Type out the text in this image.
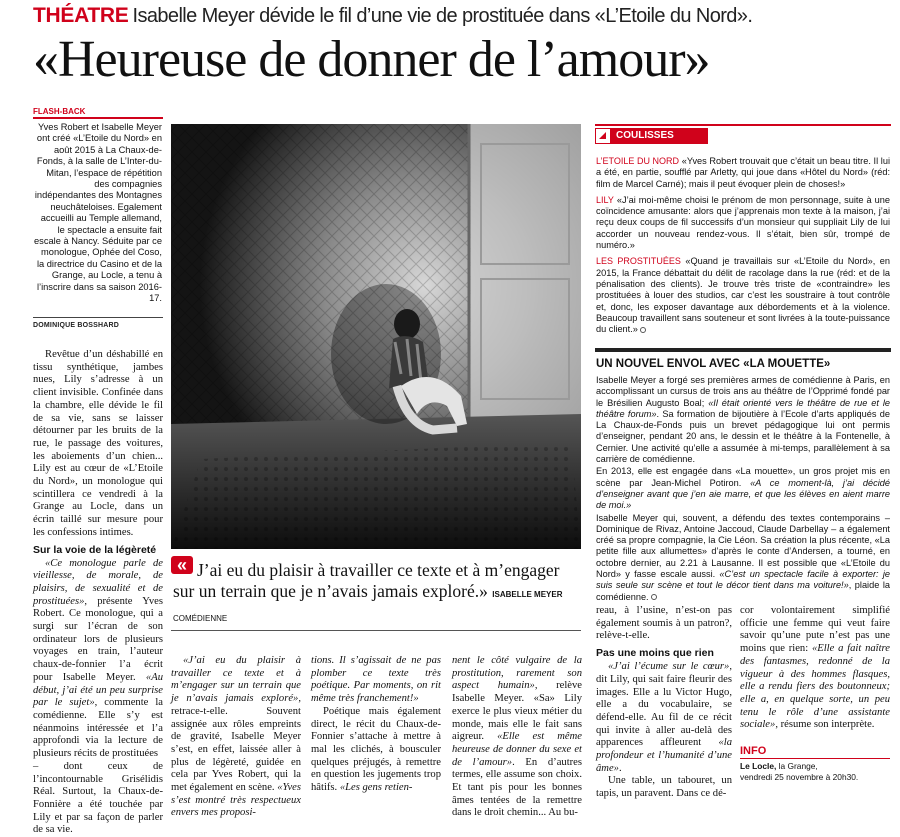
THÉATRE Isabelle Meyer dévide le fil d’une vie de prostituée dans «L’Etoile du Nord».
«Heureuse de donner de l’amour»
FLASH-BACK
Yves Robert et Isabelle Meyer ont créé «L’Etoile du Nord» en août 2015 à La Chaux-de-Fonds, à la salle de L’Inter-du-Mitan, l’espace de répétition des compagnies indépendantes des Montagnes neuchâteloises. Egalement accueilli au Temple allemand, le spectacle a ensuite fait escale à Nancy. Séduite par ce monologue, Ophée del Coso, la directrice du Casino et de la Grange, au Locle, a tenu à l’inscrire dans sa saison 2016-17.
DOMINIQUE BOSSHARD

Revêtue d’un déshabillé en tissu synthétique, jambes nues, Lily s’adresse à un client invisible. Confinée dans la chambre, elle dévide le fil de sa vie, sans se laisser détourner par les bruits de la rue, le passage des voitures, les aboiements d’un chien... Lily est au cœur de «L’Etoile du Nord», un monologue qui scintillera ce vendredi à la Grange au Locle, dans un écrin taillé sur mesure pour les confessions intimes.

Sur la voie de la légèreté

«Ce monologue parle de vieillesse, de morale, de plaisirs, de sexualité et de prostituées», présente Yves Robert. Ce monologue, qui a surgi sur l’écran de son ordinateur lors de plusieurs voyages en train, l’auteur chaux-de-fonnier l’a écrit pour Isabelle Meyer. «Au début, j’ai été un peu surprise par le sujet», commente la comédienne. Elle s’y est néanmoins intéressée et l’a approfondi via la lecture de plusieurs récits de prostituées

– dont ceux de l’incontournable Grisélidis Réal. Surtout, la Chaux-de-Fonnière a été touchée par Lily et par sa façon de parler de sa vie.

« J’ai eu du plaisir à travailler ce texte et à m’engager sur un terrain que je n’avais jamais exploré.» ISABELLE MEYER COMÉDIENNE

«J’ai eu du plaisir à travailler ce texte et à m’engager sur un terrain que je n’avais jamais exploré», retrace-t-elle. Souvent assignée aux rôles empreints de gravité, Isabelle Meyer s’est, en effet, laissée aller à plus de légèreté, guidée en cela par Yves Robert, qui la met également en scène. «Yves s’est montré très respectueux envers mes proposi-

tions. Il s’agissait de ne pas plomber ce texte très poétique. Par moments, on rit même très franchement!»

Poétique mais également direct, le récit du Chaux-de-Fonnier s’attache à mettre à mal les clichés, à bousculer quelques préjugés, à remettre en question les jugements trop hâtifs. «Les gens retien-

nent le côté vulgaire de la prostitution, rarement son aspect humain», relève Isabelle Meyer. «Sa» Lily exerce le plus vieux métier du monde, mais elle le fait sans aigreur. «Elle est même heureuse de donner du sexe et de l’amour». En d’autres termes, elle assume son choix. Et tant pis pour les bonnes âmes tentées de la remettre dans le droit chemin... Au bu-

reau, à l’usine, n’est-on pas également soumis à un patron?, relève-t-elle.

Pas une moins que rien

«J’ai l’écume sur le cœur», dit Lily, qui sait faire fleurir des images. Elle a lu Victor Hugo, elle a du vocabulaire, se défend-elle. Au fil de ce récit qui invite à aller au-delà des apparences affleurent «la profondeur et l’humanité d’une âme».

Une table, un tabouret, un tapis, un paravent. Dans ce dé-

cor volontairement simplifié officie une femme qui veut faire savoir qu’une pute n’est pas une moins que rien: «Elle a fait naître des fantasmes, redonné de la vigueur à des hommes flasques, elle a rendu fiers des boutonneux; elle a, en quelque sorte, un peu tenu le rôle d’une assistante sociale», résume son interprète.

COULISSES

L’ETOILE DU NORD «Yves Robert trouvait que c’était un beau titre. Il lui a été, en partie, soufflé par Arletty, qui joue dans «Hôtel du Nord» (réd: film de Marcel Carné); mais il peut évoquer plein de choses!»

LILY «J’ai moi-même choisi le prénom de mon personnage, suite à une coïncidence amusante: alors que j’apprenais mon texte à la maison, j’ai reçu deux coups de fil successifs d’un monsieur qui suppliait Lily de lui accorder un nouveau rendez-vous. Il s’était, bien sûr, trompé de numéro.»

LES PROSTITUÉES «Quand je travaillais sur «L’Etoile du Nord», en 2015, la France débattait du délit de racolage dans la rue (réd: et de la pénalisation des clients). Je trouve très triste de «contraindre» les prostituées à louer des studios, car c’est les soustraire à tout contrôle et, donc, les exposer davantage aux débordements et à la violence. Beaucoup travaillent sans souteneur et sont livrées à la toute-puissance du client.»

UN NOUVEL ENVOL AVEC «LA MOUETTE»

Isabelle Meyer a forgé ses premières armes de comédienne à Paris, en accomplissant un cursus de trois ans au théâtre de l’Opprimé fondé par le Brésilien Augusto Boal; «Il était orienté vers le théâtre de rue et le théâtre forum». Sa formation de bijoutière à l’Ecole d’arts appliqués de La Chaux-de-Fonds puis un brevet pédagogique lui ont permis d’enseigner, pendant 20 ans, le dessin et le théâtre à la Fontenelle, à Cernier. Une activité qu’elle a assumée à mi-temps, parallèlement à sa carrière de comédienne.

En 2013, elle est engagée dans «La mouette», un gros projet mis en scène par Jean-Michel Potiron. «A ce moment-là, j’ai décidé d’enseigner avant que j’en aie marre, et que les élèves en aient marre de moi.»

Isabelle Meyer qui, souvent, a défendu des textes contemporains – Dominique de Rivaz, Antoine Jaccoud, Claude Darbellay – a également créé sa propre compagnie, la Cie Léon. Sa création la plus récente, «La petite fille aux allumettes» d’après le conte d’Andersen, a tourné, en octobre dernier, au 2.21 à Lausanne. Il est possible que «L’Etoile du Nord» y fasse escale aussi. «C’est un spectacle facile à exporter: je suis seule sur scène et tout le décor tient dans ma voiture!», plaide la comédienne.

INFO
Le Locle, la Grange,
vendredi 25 novembre à 20h30.
